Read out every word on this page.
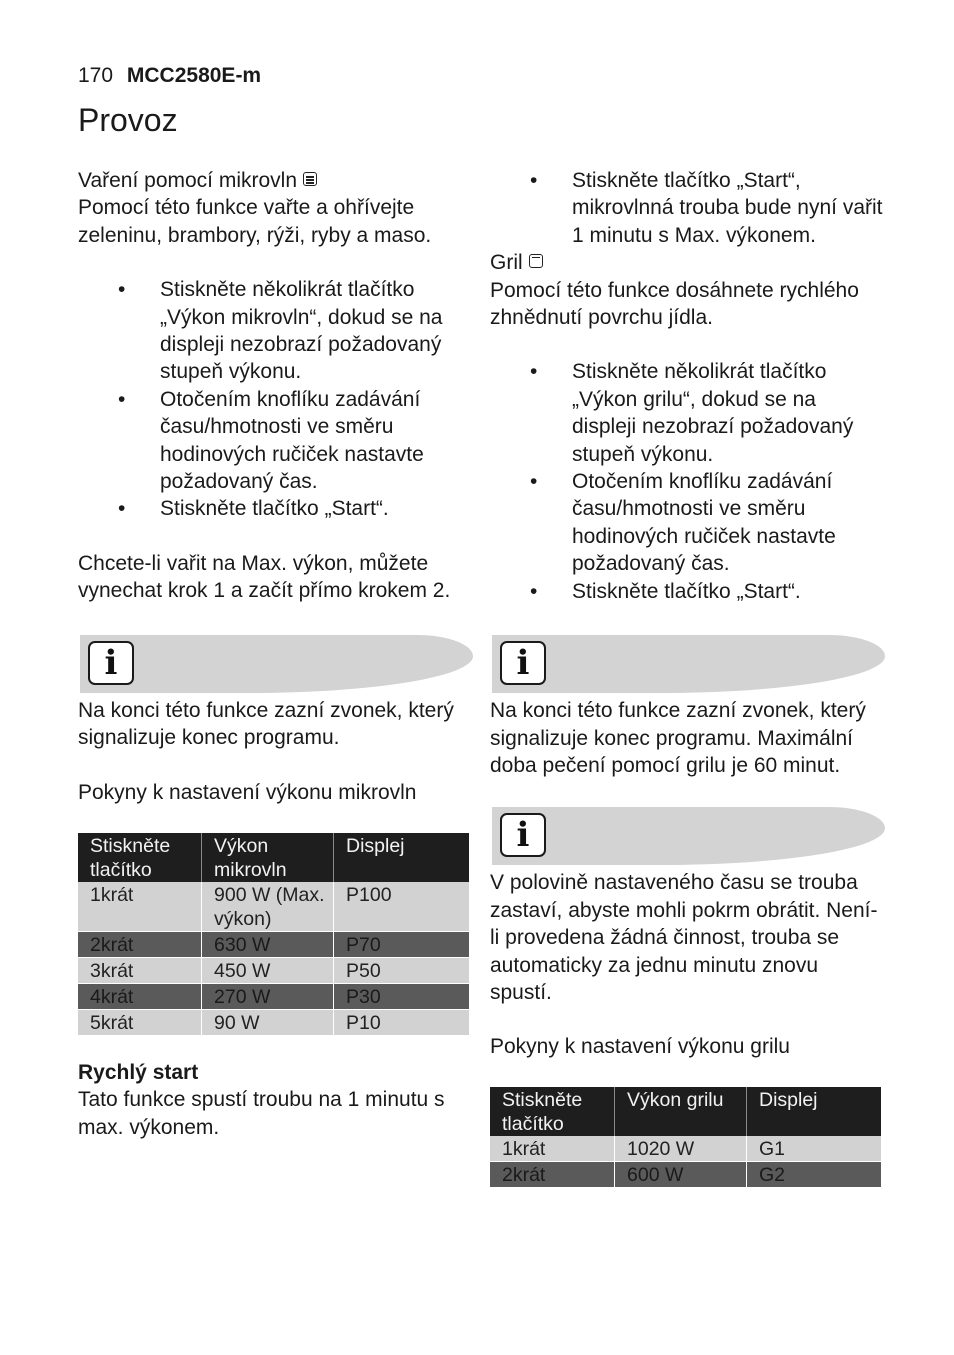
170 MCC2580E-m
Provoz
Vaření pomocí mikrovln

Pomocí této funkce vařte a ohřívejte zeleninu, brambory, rýži, ryby a maso.

• Stiskněte několikrát tlačítko „Výkon mikrovln“, dokud se na displeji nezobrazí požadovaný stupeň výkonu.
• Otočením knoflíku zadávání času/hmotnosti ve směru hodinových ručiček nastavte požadovaný čas.
• Stiskněte tlačítko „Start“.

Chcete-li vařit na Max. výkon, můžete vynechat krok 1 a začít přímo krokem 2.

i

Na konci této funkce zazní zvonek, který signalizuje konec programu.

Pokyny k nastavení výkonu mikrovln
Stiskněte tlačítko	Výkon mikrovln	Displej
1krát	900 W (Max. výkon)	P100
2krát	630 W	P70
3krát	450 W	P50
4krát	270 W	P30
5krát	90 W	P10
Rychlý start

Tato funkce spustí troubu na 1 minutu s max. výkonem.

• Stiskněte tlačítko „Start“, mikrovlnná trouba bude nyní vařit 1 minutu s Max. výkonem.
Gril

Pomocí této funkce dosáhnete rychlého zhnědnutí povrchu jídla.

• Stiskněte několikrát tlačítko „Výkon grilu“, dokud se na displeji nezobrazí požadovaný stupeň výkonu.
• Otočením knoflíku zadávání času/hmotnosti ve směru hodinových ručiček nastavte požadovaný čas.
• Stiskněte tlačítko „Start“.
i

Na konci této funkce zazní zvonek, který signalizuje konec programu. Maximální doba pečení pomocí grilu je 60 minut.

i

V polovině nastaveného času se trouba zastaví, abyste mohli pokrm obrátit. Není-li provedena žádná činnost, trouba se automaticky za jednu minutu znovu spustí.

Pokyny k nastavení výkonu grilu
Stiskněte tlačítko	Výkon grilu	Displej
1krát	1020 W	G1
2krát	600 W	G2
